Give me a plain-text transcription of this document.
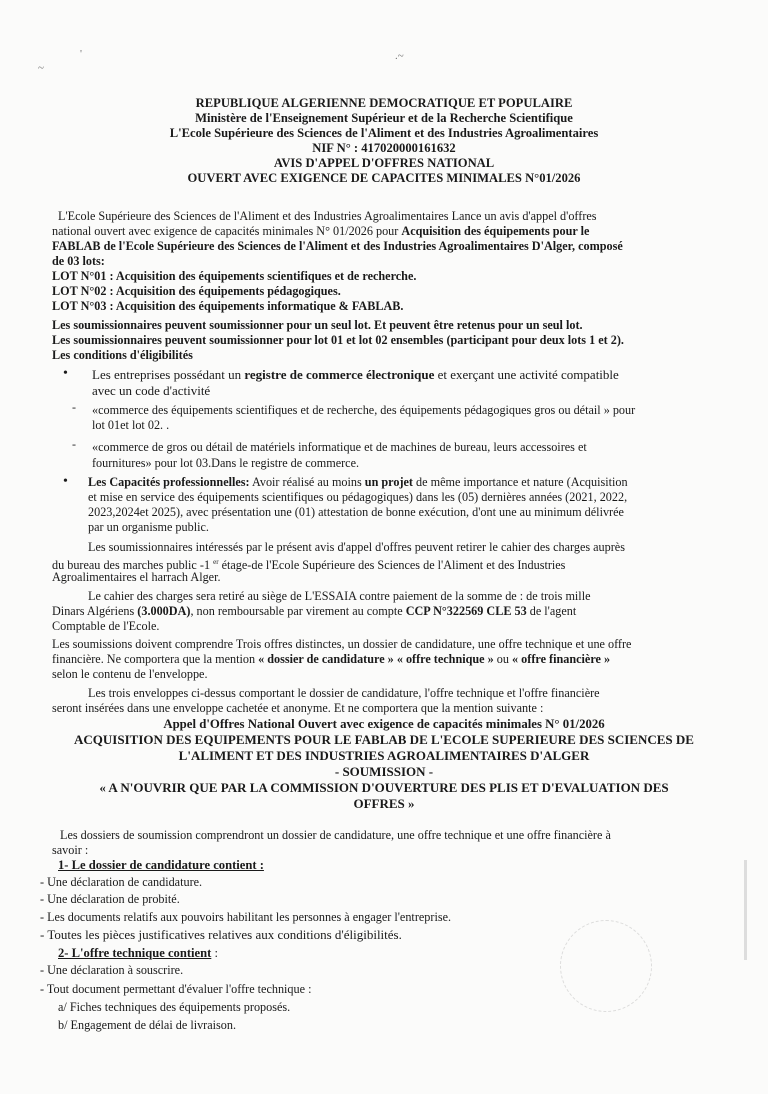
~
'	.~
REPUBLIQUE ALGERIENNE DEMOCRATIQUE ET POPULAIRE
Ministère de l'Enseignement Supérieur et de la Recherche Scientifique
L'Ecole Supérieure des Sciences de l'Aliment et des Industries Agroalimentaires
NIF N° : 417020000161632
AVIS D'APPEL D'OFFRES NATIONAL
OUVERT AVEC EXIGENCE DE CAPACITES MINIMALES N°01/2026
L'Ecole Supérieure des Sciences de l'Aliment et des Industries Agroalimentaires Lance un avis d'appel d'offres
national ouvert avec exigence de capacités minimales N° 01/2026 pour Acquisition des équipements pour le
FABLAB de l'Ecole Supérieure des Sciences de l'Aliment et des Industries Agroalimentaires D'Alger, composé
de 03 lots:
LOT N°01 : Acquisition des équipements scientifiques et de recherche.
LOT N°02 : Acquisition des équipements pédagogiques.
LOT N°03 : Acquisition des équipements informatique & FABLAB.
Les soumissionnaires peuvent soumissionner pour un seul lot. Et peuvent être retenus pour un seul lot.
Les soumissionnaires peuvent soumissionner pour lot 01 et lot 02 ensembles (participant pour deux lots 1 et 2).
Les conditions d'éligibilités
• Les entreprises possédant un registre de commerce électronique et exerçant une activité compatible
avec un code d'activité
- «commerce des équipements scientifiques et de recherche, des équipements pédagogiques gros ou détail » pour
lot 01et lot 02. .
- «commerce de gros ou détail de matériels informatique et de machines de bureau, leurs accessoires et
fournitures» pour lot 03.Dans le registre de commerce.
• Les Capacités professionnelles: Avoir réalisé au moins un projet de même importance et nature (Acquisition
et mise en service des équipements scientifiques ou pédagogiques) dans les (05) dernières années (2021, 2022,
2023,2024et 2025), avec présentation une (01) attestation de bonne exécution, d'ont une au minimum délivrée
par un organisme public.
Les soumissionnaires intéressés par le présent avis d'appel d'offres peuvent retirer le cahier des charges auprès
du bureau des marches public -1 $^{er}$ étage-de l'Ecole Supérieure des Sciences de l'Aliment et des Industries
Agroalimentaires el harrach Alger.
Le cahier des charges sera retiré au siège de L'ESSAIA contre paiement de la somme de : de trois mille
Dinars Algériens (3.000DA), non remboursable par virement au compte CCP N°322569 CLE 53 de l'agent
Comptable de l'Ecole.
Les soumissions doivent comprendre Trois offres distinctes, un dossier de candidature, une offre technique et une offre
financière. Ne comportera que la mention « dossier de candidature » « offre technique » ou « offre financière »
selon le contenu de l'enveloppe.
Les trois enveloppes ci-dessus comportant le dossier de candidature, l'offre technique et l'offre financière
seront insérées dans une enveloppe cachetée et anonyme. Et ne comportera que la mention suivante :
Appel d'Offres National Ouvert avec exigence de capacités minimales N° 01/2026
ACQUISITION DES EQUIPEMENTS POUR LE FABLAB DE L'ECOLE SUPERIEURE DES SCIENCES DE
L'ALIMENT ET DES INDUSTRIES AGROALIMENTAIRES D'ALGER
- SOUMISSION -
« A N'OUVRIR QUE PAR LA COMMISSION D'OUVERTURE DES PLIS ET D'EVALUATION DES
OFFRES »
Les dossiers de soumission comprendront un dossier de candidature, une offre technique et une offre financière à
savoir :
1- Le dossier de candidature contient :
- Une déclaration de candidature.
- Une déclaration de probité.
- Les documents relatifs aux pouvoirs habilitant les personnes à engager l'entreprise.
- Toutes les pièces justificatives relatives aux conditions d'éligibilités.
2- L'offre technique contient :
- Une déclaration à souscrire.
- Tout document permettant d'évaluer l'offre technique :
a/ Fiches techniques des équipements proposés.
b/ Engagement de délai de livraison.
